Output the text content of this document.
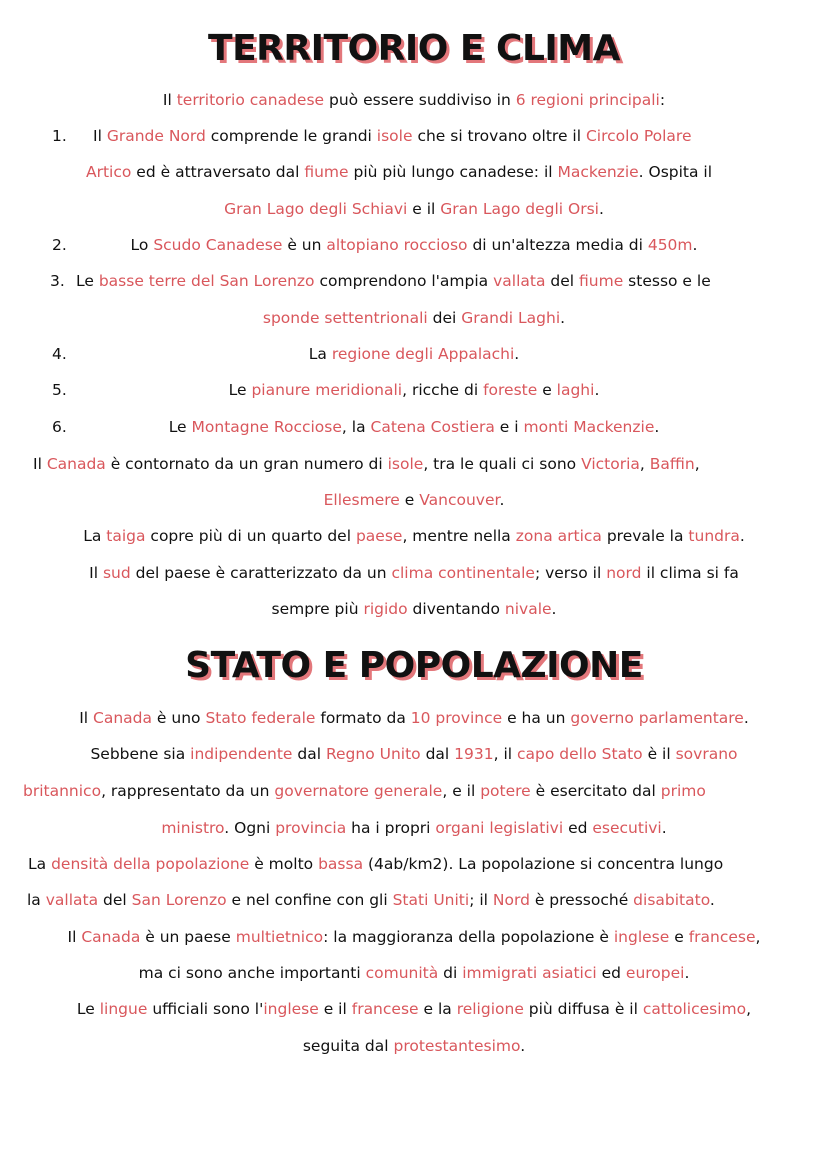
TERRITORIO E CLIMA
Il territorio canadese può essere suddiviso in 6 regioni principali:
1.	Il Grande Nord comprende le grandi isole che si trovano oltre il Circolo Polare
Artico ed è attraversato dal fiume più più lungo canadese: il Mackenzie. Ospita il
Gran Lago degli Schiavi e il Gran Lago degli Orsi.
2.	Lo Scudo Canadese è un altopiano roccioso di un'altezza media di 450m.
3. Le basse terre del San Lorenzo comprendono l'ampia vallata del fiume stesso e le
sponde settentrionali dei Grandi Laghi.
4.	La regione degli Appalachi.
5.	Le pianure meridionali, ricche di foreste e laghi.
6.	Le Montagne Rocciose, la Catena Costiera e i monti Mackenzie.
Il Canada è contornato da un gran numero di isole, tra le quali ci sono Victoria, Baffin,
Ellesmere e Vancouver.
La taiga copre più di un quarto del paese, mentre nella zona artica prevale la tundra.
Il sud del paese è caratterizzato da un clima continentale; verso il nord il clima si fa
sempre più rigido diventando nivale.
STATO E POPOLAZIONE
Il Canada è uno Stato federale formato da 10 province e ha un governo parlamentare.
Sebbene sia indipendente dal Regno Unito dal 1931, il capo dello Stato è il sovrano
britannico, rappresentato da un governatore generale, e il potere è esercitato dal primo
ministro. Ogni provincia ha i propri organi legislativi ed esecutivi.
La densità della popolazione è molto bassa (4ab/km2). La popolazione si concentra lungo
la vallata del San Lorenzo e nel confine con gli Stati Uniti; il Nord è pressoché disabitato.
Il Canada è un paese multietnico: la maggioranza della popolazione è inglese e francese,
ma ci sono anche importanti comunità di immigrati asiatici ed europei.
Le lingue ufficiali sono l'inglese e il francese e la religione più diffusa è il cattolicesimo,
seguita dal protestantesimo.
